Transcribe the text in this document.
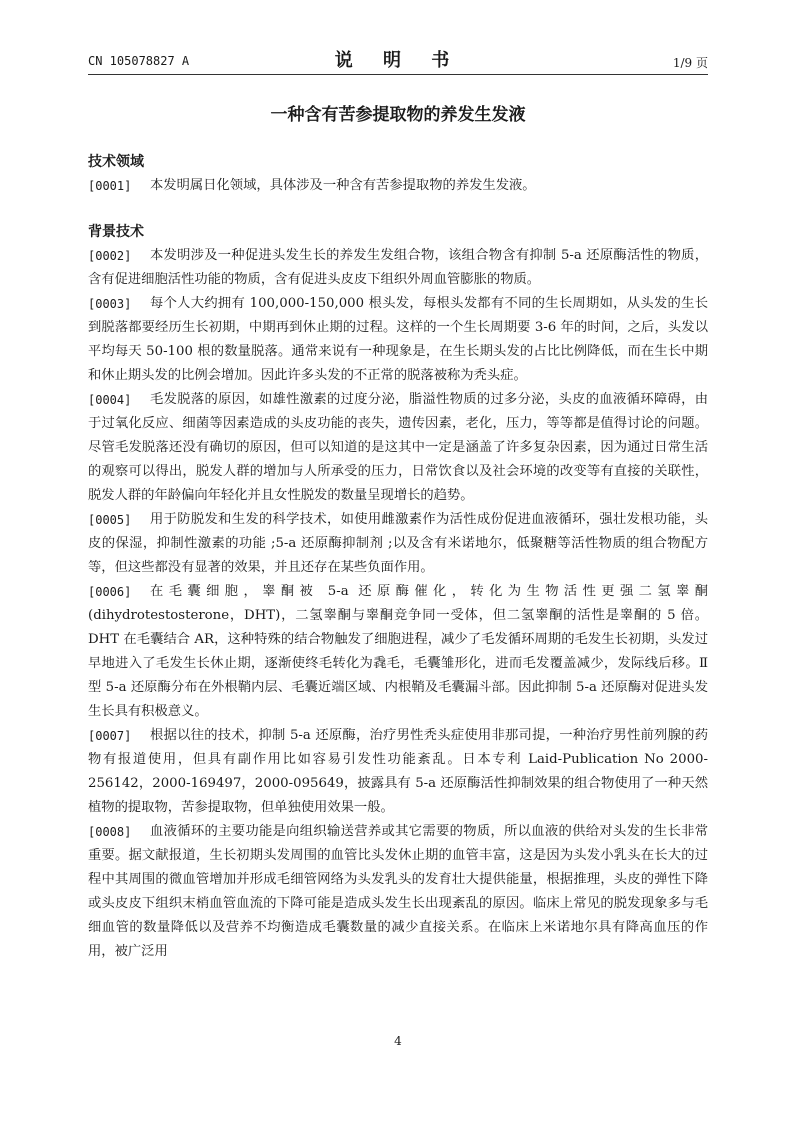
CN 105078827 A	说 明 书	1/9 页
一种含有苦参提取物的养发生发液

技术领域

[0001]	本发明属日化领域，具体涉及一种含有苦参提取物的养发生发液。

背景技术

[0002]	本发明涉及一种促进头发生长的养发生发组合物，该组合物含有抑制 5-a 还原酶活性的物质，含有促进细胞活性功能的物质，含有促进头皮皮下组织外周血管膨胀的物质。

[0003]	每个人大约拥有 100,000-150,000 根头发，每根头发都有不同的生长周期如，从头发的生长到脱落都要经历生长初期，中期再到休止期的过程。这样的一个生长周期要 3-6 年的时间，之后，头发以平均每天 50-100 根的数量脱落。通常来说有一种现象是，在生长期头发的占比比例降低，而在生长中期和休止期头发的比例会增加。因此许多头发的不正常的脱落被称为秃头症。

[0004]	毛发脱落的原因，如雄性激素的过度分泌，脂溢性物质的过多分泌，头皮的血液循环障碍，由于过氧化反应、细菌等因素造成的头皮功能的丧失，遗传因素，老化，压力，等等都是值得讨论的问题。尽管毛发脱落还没有确切的原因，但可以知道的是这其中一定是涵盖了许多复杂因素，因为通过日常生活的观察可以得出，脱发人群的增加与人所承受的压力，日常饮食以及社会环境的改变等有直接的关联性，脱发人群的年龄偏向年轻化并且女性脱发的数量呈现增长的趋势。

[0005]	用于防脱发和生发的科学技术，如使用雌激素作为活性成份促进血液循环，强壮发根功能，头皮的保湿，抑制性激素的功能 ;5-a 还原酶抑制剂 ;以及含有米诺地尔，低聚糖等活性物质的组合物配方等，但这些都没有显著的效果，并且还存在某些负面作用。

[0006]	在毛囊细胞，睾酮被 5-a 还原酶催化，转化为生物活性更强二氢睾酮 (dihydrotestosterone，DHT)，二氢睾酮与睾酮竞争同一受体，但二氢睾酮的活性是睾酮的 5 倍。DHT 在毛囊结合 AR，这种特殊的结合物触发了细胞进程，减少了毛发循环周期的毛发生长初期，头发过早地进入了毛发生长休止期，逐渐使终毛转化为毳毛，毛囊雏形化，进而毛发覆盖减少，发际线后移。Ⅱ型 5-a 还原酶分布在外根鞘内层、毛囊近端区域、内根鞘及毛囊漏斗部。因此抑制 5-a 还原酶对促进头发生长具有积极意义。

[0007]	根据以往的技术，抑制 5-a 还原酶，治疗男性秃头症使用非那司提，一种治疗男性前列腺的药物有报道使用，但具有副作用比如容易引发性功能紊乱。日本专利 Laid-Publication No 2000-256142，2000-169497，2000-095649，披露具有 5-a 还原酶活性抑制效果的组合物使用了一种天然植物的提取物，苦参提取物，但单独使用效果一般。

[0008]	血液循环的主要功能是向组织输送营养或其它需要的物质，所以血液的供给对头发的生长非常重要。据文献报道，生长初期头发周围的血管比头发休止期的血管丰富，这是因为头发小乳头在长大的过程中其周围的微血管增加并形成毛细管网络为头发乳头的发育壮大提供能量，根据推理，头皮的弹性下降或头皮皮下组织末梢血管血流的下降可能是造成头发生长出现紊乱的原因。临床上常见的脱发现象多与毛细血管的数量降低以及营养不均衡造成毛囊数量的减少直接关系。在临床上米诺地尔具有降高血压的作用，被广泛用

4
